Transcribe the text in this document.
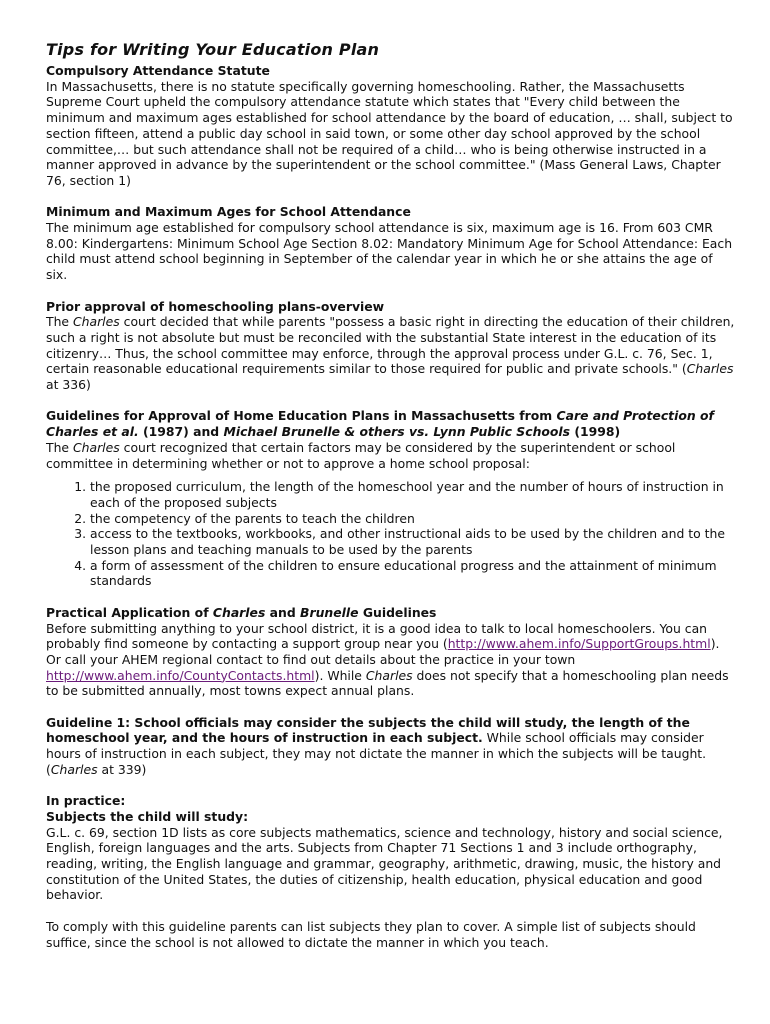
Tips for Writing Your Education Plan

Compulsory Attendance Statute

In Massachusetts, there is no statute specifically governing homeschooling. Rather, the Massachusetts Supreme Court upheld the compulsory attendance statute which states that "Every child between the minimum and maximum ages established for school attendance by the board of education, … shall, subject to section fifteen, attend a public day school in said town, or some other day school approved by the school committee,… but such attendance shall not be required of a child… who is being otherwise instructed in a manner approved in advance by the superintendent or the school committee." (Mass General Laws, Chapter 76, section 1)

Minimum and Maximum Ages for School Attendance

The minimum age established for compulsory school attendance is six, maximum age is 16. From 603 CMR 8.00: Kindergartens: Minimum School Age Section 8.02: Mandatory Minimum Age for School Attendance: Each child must attend school beginning in September of the calendar year in which he or she attains the age of six.

Prior approval of homeschooling plans-overview

The Charles court decided that while parents "possess a basic right in directing the education of their children, such a right is not absolute but must be reconciled with the substantial State interest in the education of its citizenry… Thus, the school committee may enforce, through the approval process under G.L. c. 76, Sec. 1, certain reasonable educational requirements similar to those required for public and private schools." (Charles at 336)

Guidelines for Approval of Home Education Plans in Massachusetts from Care and Protection of Charles et al. (1987) and Michael Brunelle & others vs. Lynn Public Schools (1998)

The Charles court recognized that certain factors may be considered by the superintendent or school committee in determining whether or not to approve a home school proposal:

1. the proposed curriculum, the length of the homeschool year and the number of hours of instruction in each of the proposed subjects
2. the competency of the parents to teach the children
3. access to the textbooks, workbooks, and other instructional aids to be used by the children and to the lesson plans and teaching manuals to be used by the parents
4. a form of assessment of the children to ensure educational progress and the attainment of minimum standards

Practical Application of Charles and Brunelle Guidelines

Before submitting anything to your school district, it is a good idea to talk to local homeschoolers. You can probably find someone by contacting a support group near you (http://www.ahem.info/SupportGroups.html). Or call your AHEM regional contact to find out details about the practice in your town http://www.ahem.info/CountyContacts.html). While Charles does not specify that a homeschooling plan needs to be submitted annually, most towns expect annual plans.

Guideline 1: School officials may consider the subjects the child will study, the length of the homeschool year, and the hours of instruction in each subject. While school officials may consider hours of instruction in each subject, they may not dictate the manner in which the subjects will be taught. (Charles at 339)

In practice:

Subjects the child will study:

G.L. c. 69, section 1D lists as core subjects mathematics, science and technology, history and social science, English, foreign languages and the arts. Subjects from Chapter 71 Sections 1 and 3 include orthography, reading, writing, the English language and grammar, geography, arithmetic, drawing, music, the history and constitution of the United States, the duties of citizenship, health education, physical education and good behavior.

To comply with this guideline parents can list subjects they plan to cover. A simple list of subjects should suffice, since the school is not allowed to dictate the manner in which you teach.
